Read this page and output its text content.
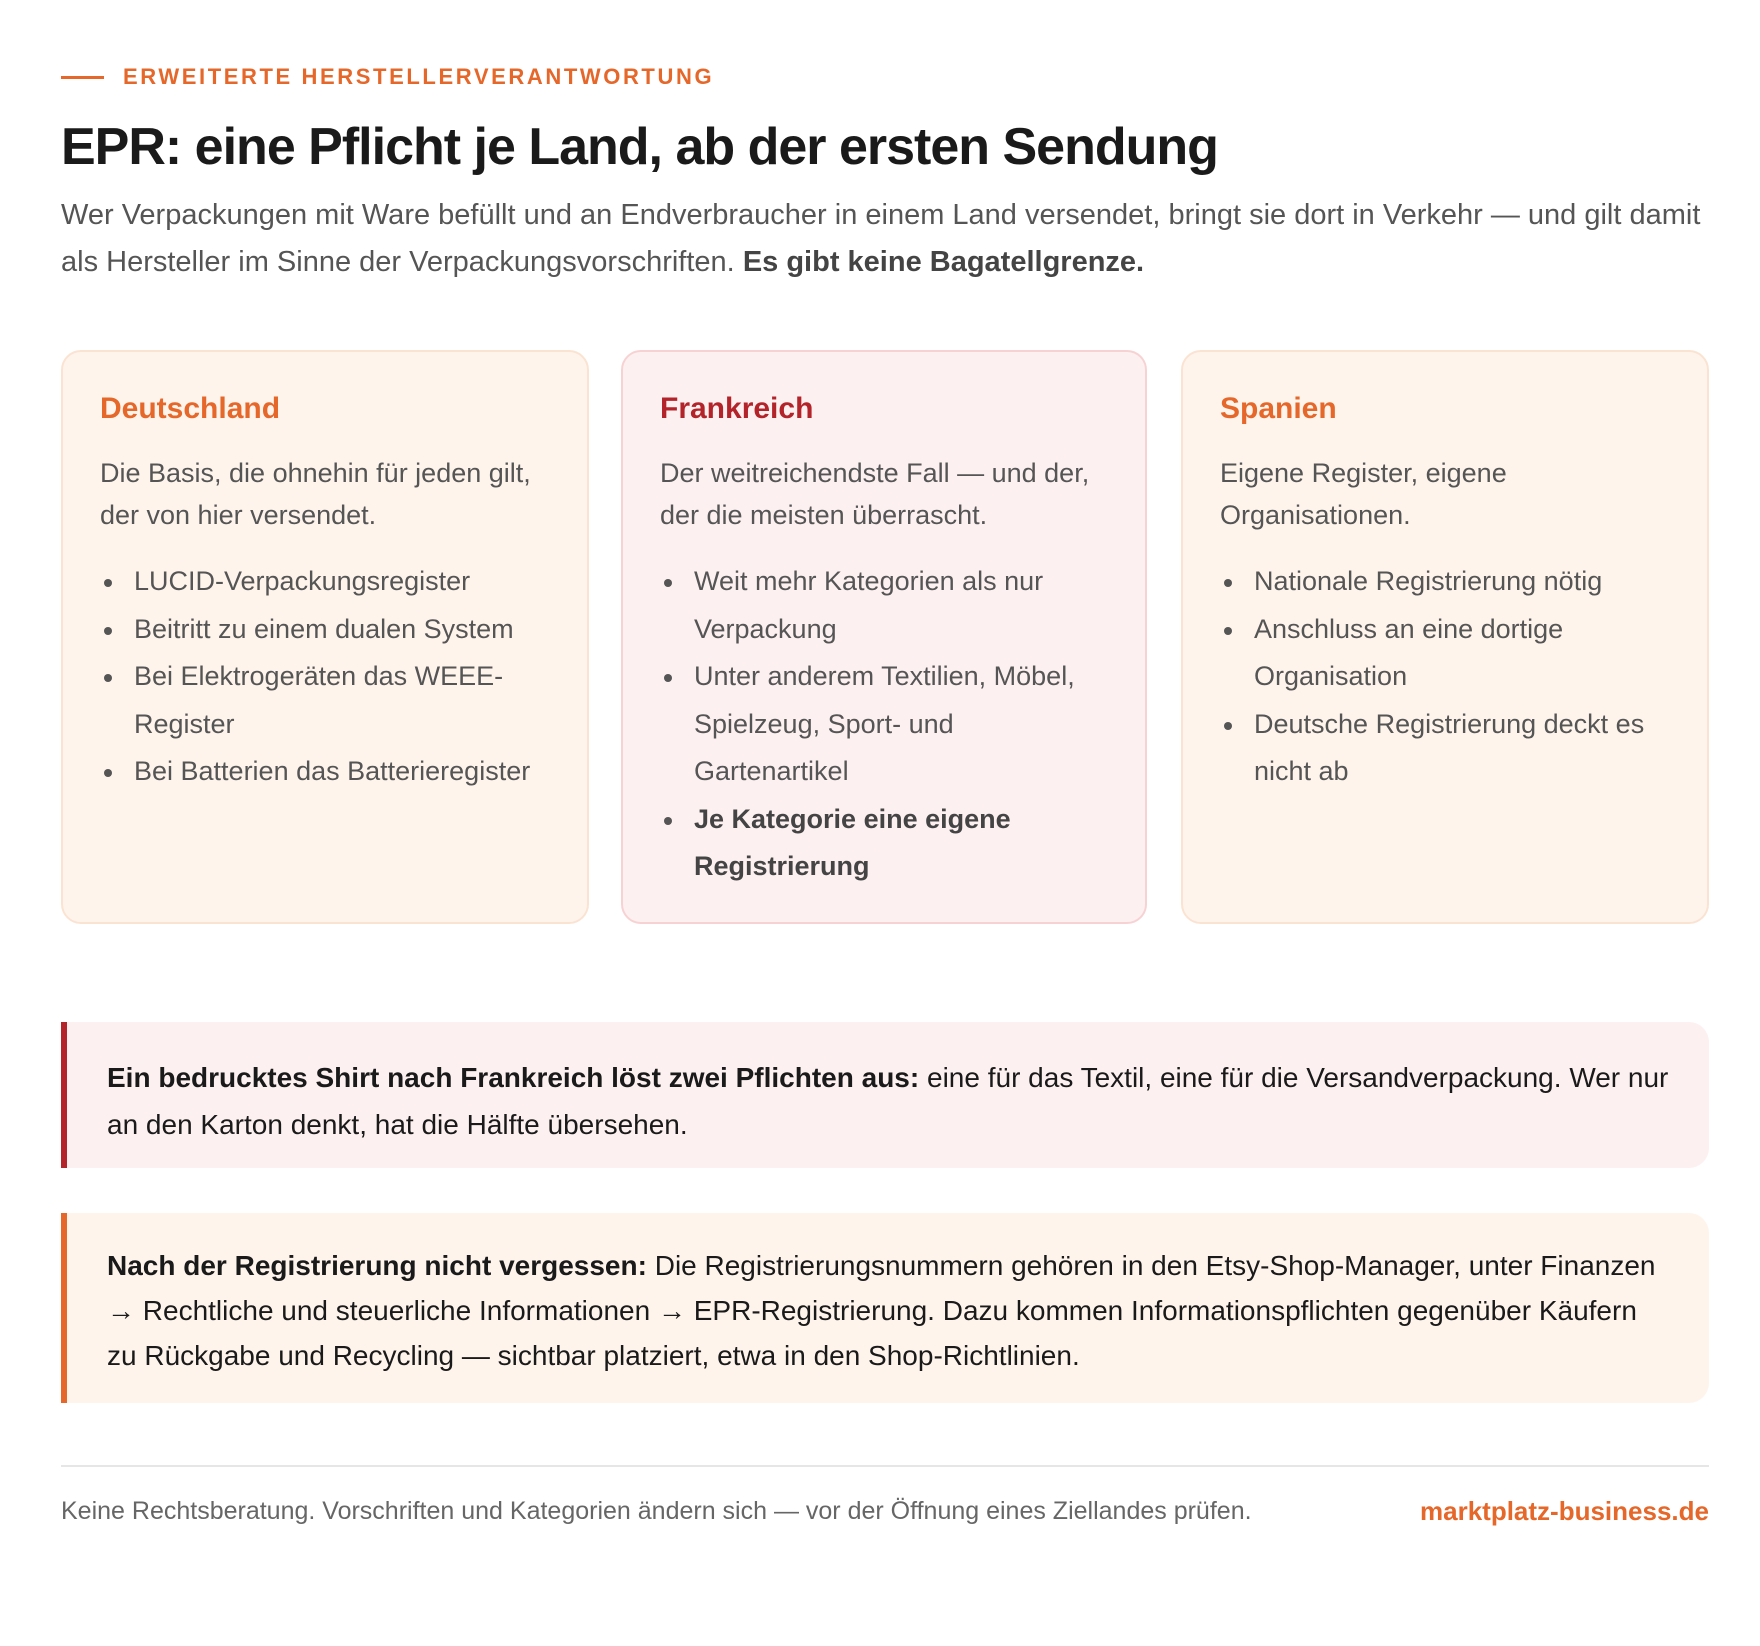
ERWEITERTE HERSTELLERVERANTWORTUNG
EPR: eine Pflicht je Land, ab der ersten Sendung

Wer Verpackungen mit Ware befüllt und an Endverbraucher in einem Land versendet, bringt sie dort in Verkehr — und gilt damit als Hersteller im Sinne der Verpackungsvorschriften. Es gibt keine Bagatellgrenze.

Deutschland

Die Basis, die ohnehin für jeden gilt, der von hier versendet.

LUCID-Verpackungsregister
Beitritt zu einem dualen System
Bei Elektrogeräten das WEEE-Register
Bei Batterien das Batterieregister
Frankreich

Der weitreichendste Fall — und der, der die meisten überrascht.

Weit mehr Kategorien als nur Verpackung
Unter anderem Textilien, Möbel, Spielzeug, Sport- und Gartenartikel
Je Kategorie eine eigene Registrierung
Spanien

Eigene Register, eigene Organisationen.

Nationale Registrierung nötig
Anschluss an eine dortige Organisation
Deutsche Registrierung deckt es nicht ab
Ein bedrucktes Shirt nach Frankreich löst zwei Pflichten aus: eine für das Textil, eine für die Versandverpackung. Wer nur an den Karton denkt, hat die Hälfte übersehen.
Nach der Registrierung nicht vergessen: Die Registrierungsnummern gehören in den Etsy-Shop-Manager, unter Finanzen → Rechtliche und steuerliche Informationen → EPR-Registrierung. Dazu kommen Informationspflichten gegenüber Käufern zu Rückgabe und Recycling — sichtbar platziert, etwa in den Shop-Richtlinien.

Keine Rechtsberatung. Vorschriften und Kategorien ändern sich — vor der Öffnung eines Ziellandes prüfen.	marktplatz-business.de
